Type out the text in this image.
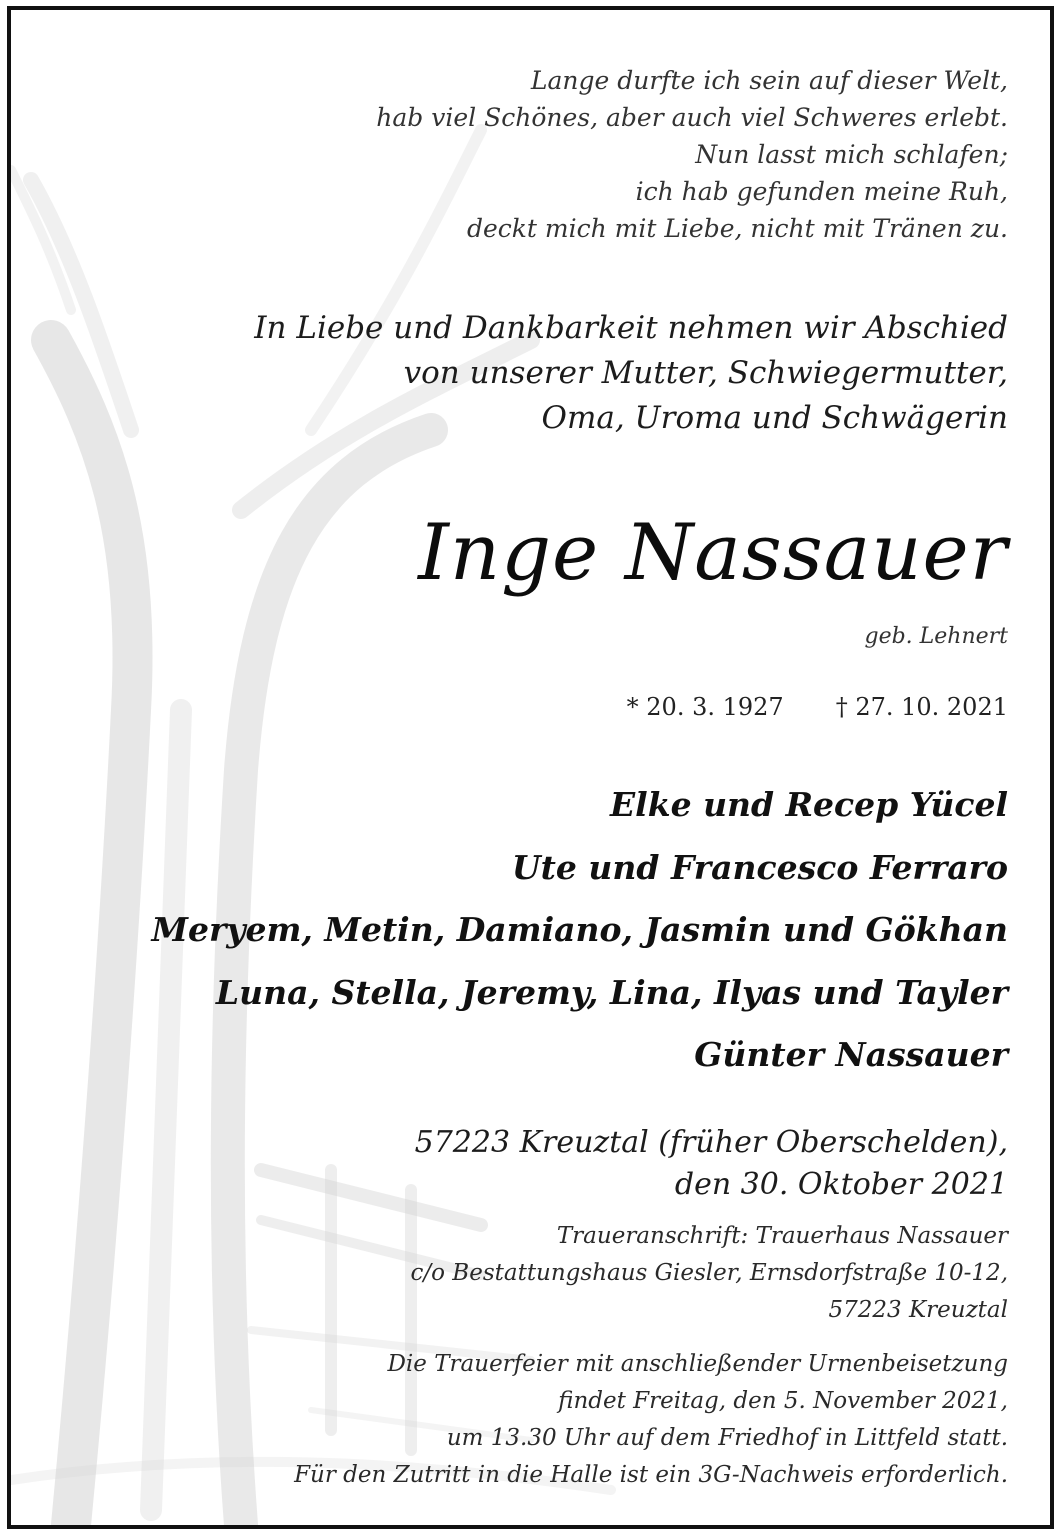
Lange durfte ich sein auf dieser Welt,
hab viel Schönes, aber auch viel Schweres erlebt.
Nun lasst mich schlafen;
ich hab gefunden meine Ruh,
deckt mich mit Liebe, nicht mit Tränen zu.
In Liebe und Dankbarkeit nehmen wir Abschied
von unserer Mutter, Schwiegermutter,
Oma, Uroma und Schwägerin
Inge Nassauer
geb. Lehnert
* 20. 3. 1927 † 27. 10. 2021
Elke und Recep Yücel
Ute und Francesco Ferraro
Meryem, Metin, Damiano, Jasmin und Gökhan
Luna, Stella, Jeremy, Lina, Ilyas und Tayler
Günter Nassauer
57223 Kreuztal (früher Oberschelden),
den 30. Oktober 2021
Traueranschrift: Trauerhaus Nassauer
c/o Bestattungshaus Giesler, Ernsdorfstraße 10-12,
57223 Kreuztal
Die Trauerfeier mit anschließender Urnenbeisetzung
findet Freitag, den 5. November 2021,
um 13.30 Uhr auf dem Friedhof in Littfeld statt.
Für den Zutritt in die Halle ist ein 3G-Nachweis erforderlich.
